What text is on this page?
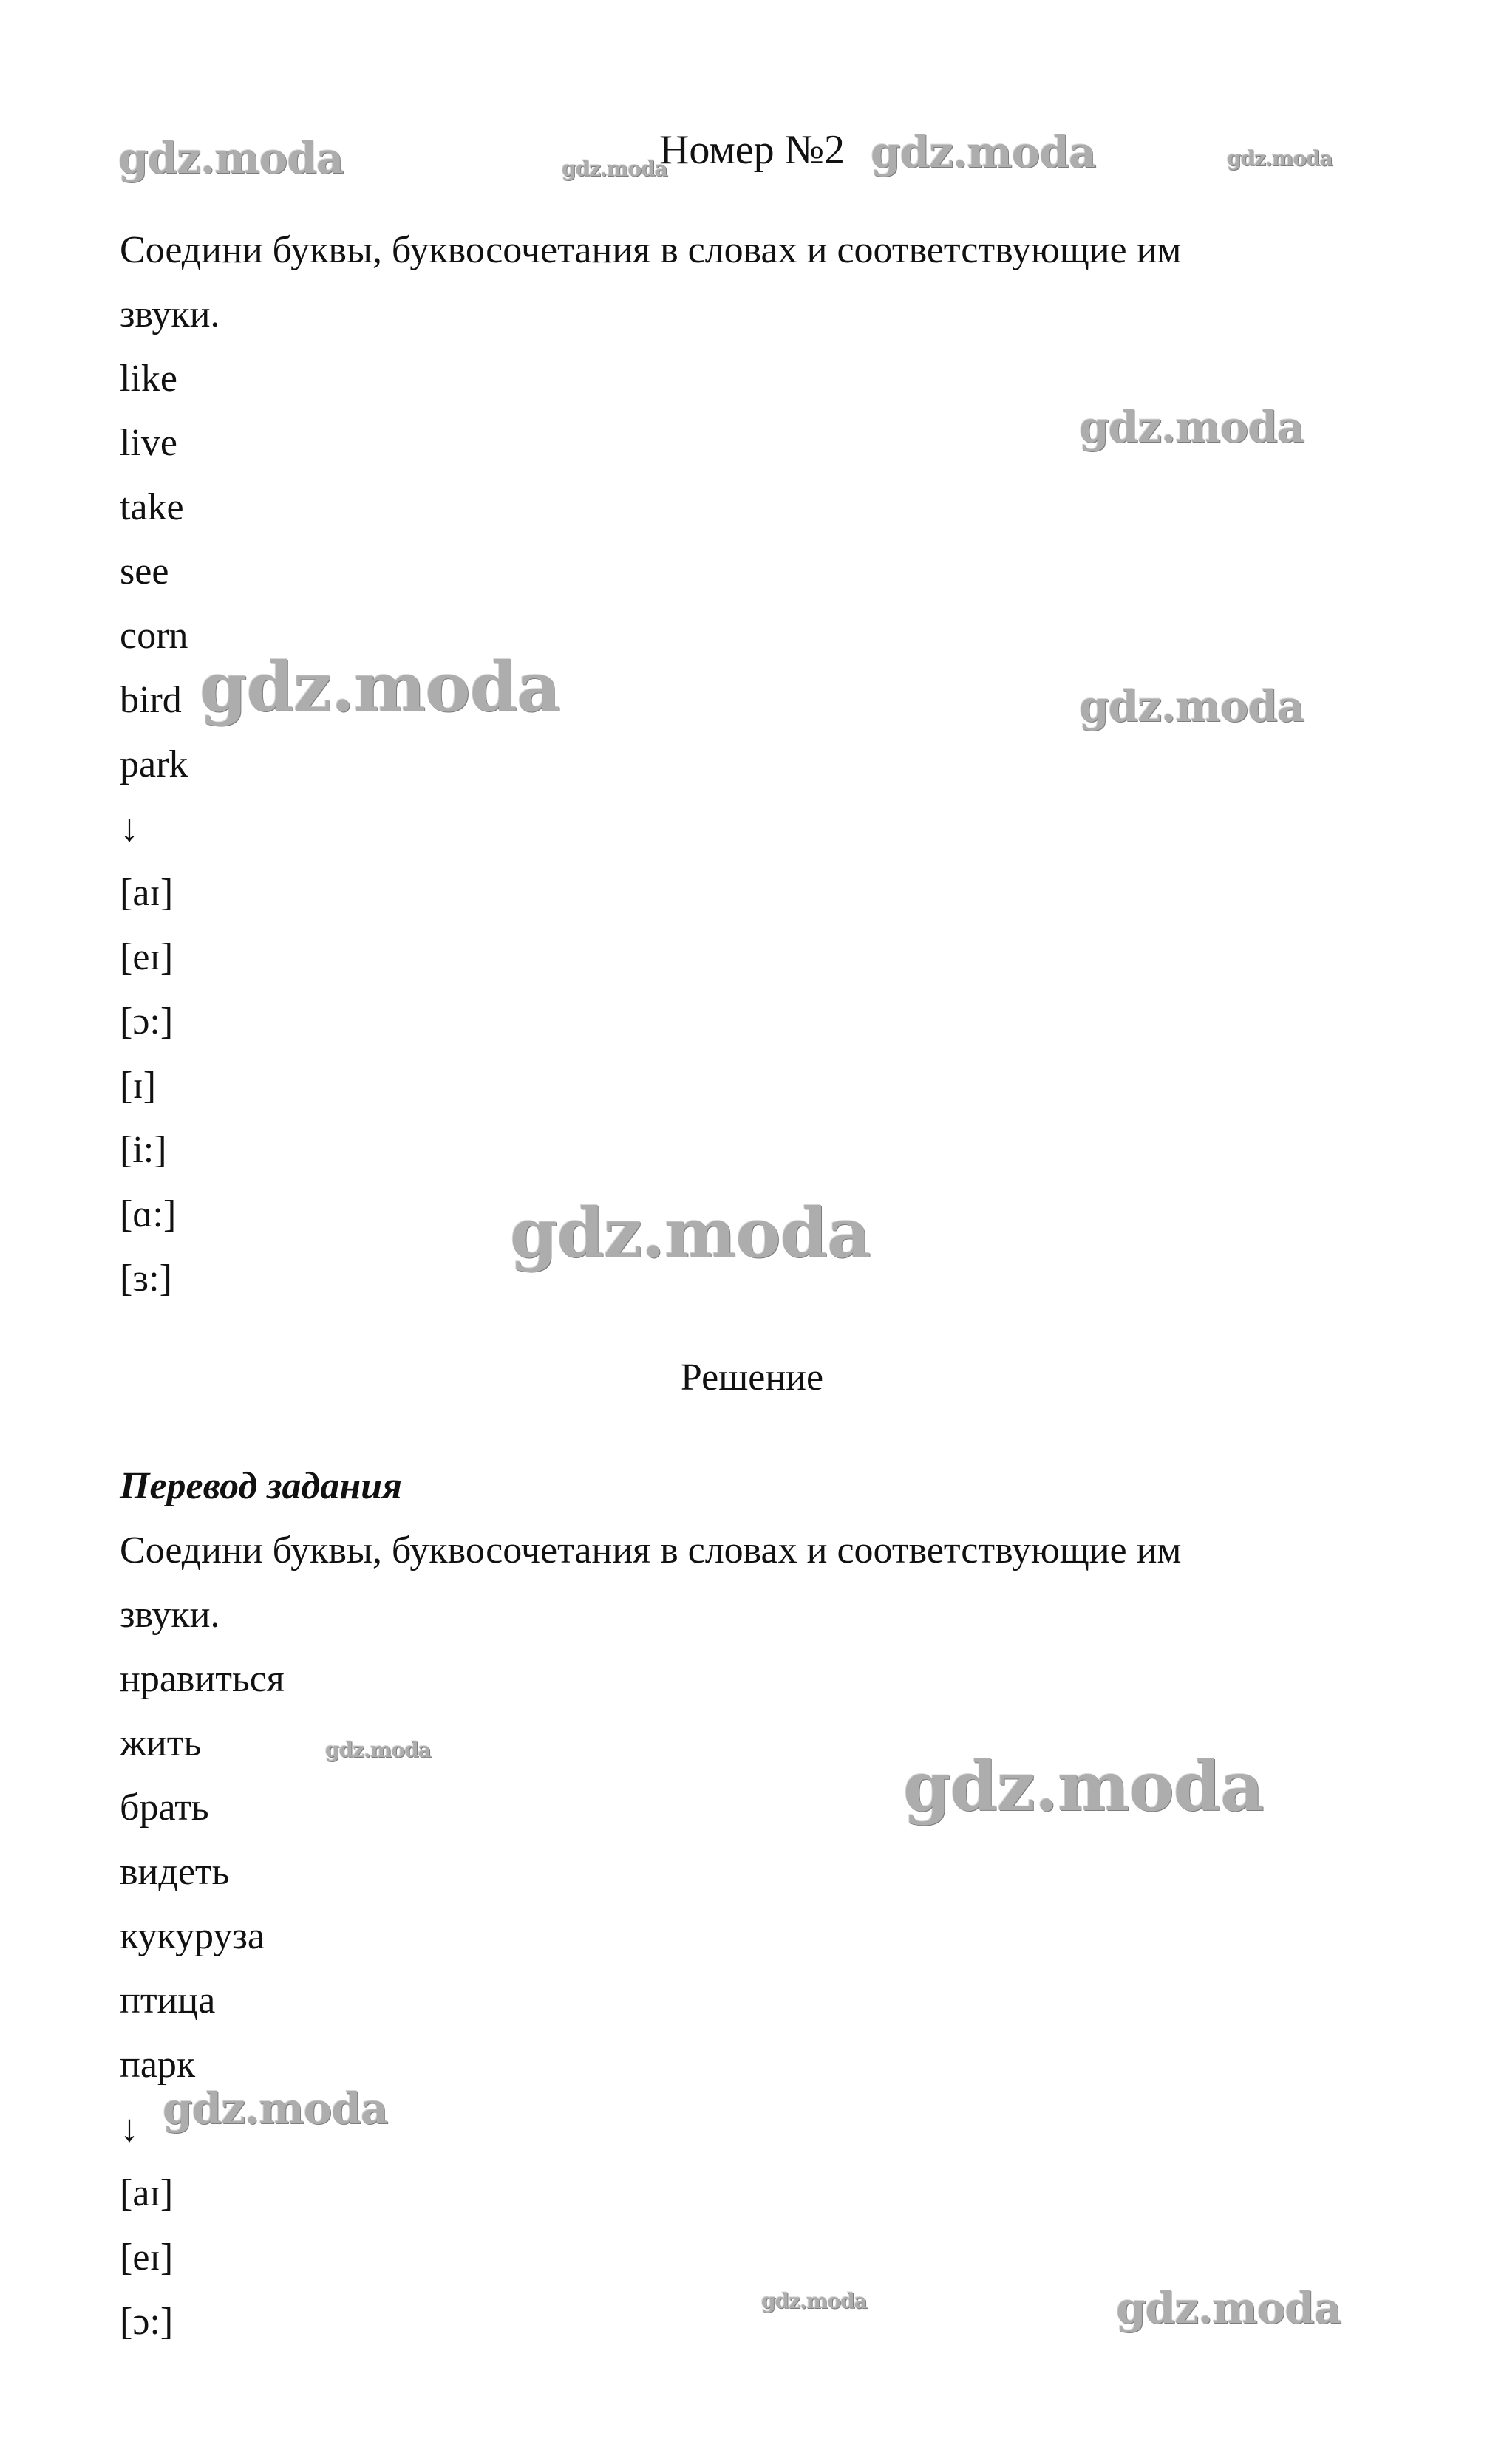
Номер №2
Соедини буквы, буквосочетания в словах и соответствующие им
звуки.
like
live
take
see
corn
bird
park
↓
[aɪ]
[eɪ]
[ɔ:]
[ɪ]
[i:]
[ɑ:]
[ɜ:]
Решение
Перевод задания
Соедини буквы, буквосочетания в словах и соответствующие им
звуки.
нравиться
жить
брать
видеть
кукуруза
птица
парк
↓
[aɪ]
[eɪ]
[ɔ:]
gdz.moda	gdz.moda	gdz.moda	gdz.moda
gdz.moda
gdz.moda	gdz.moda
gdz.moda
gdz.moda	gdz.moda
gdz.moda
gdz.moda	gdz.moda
